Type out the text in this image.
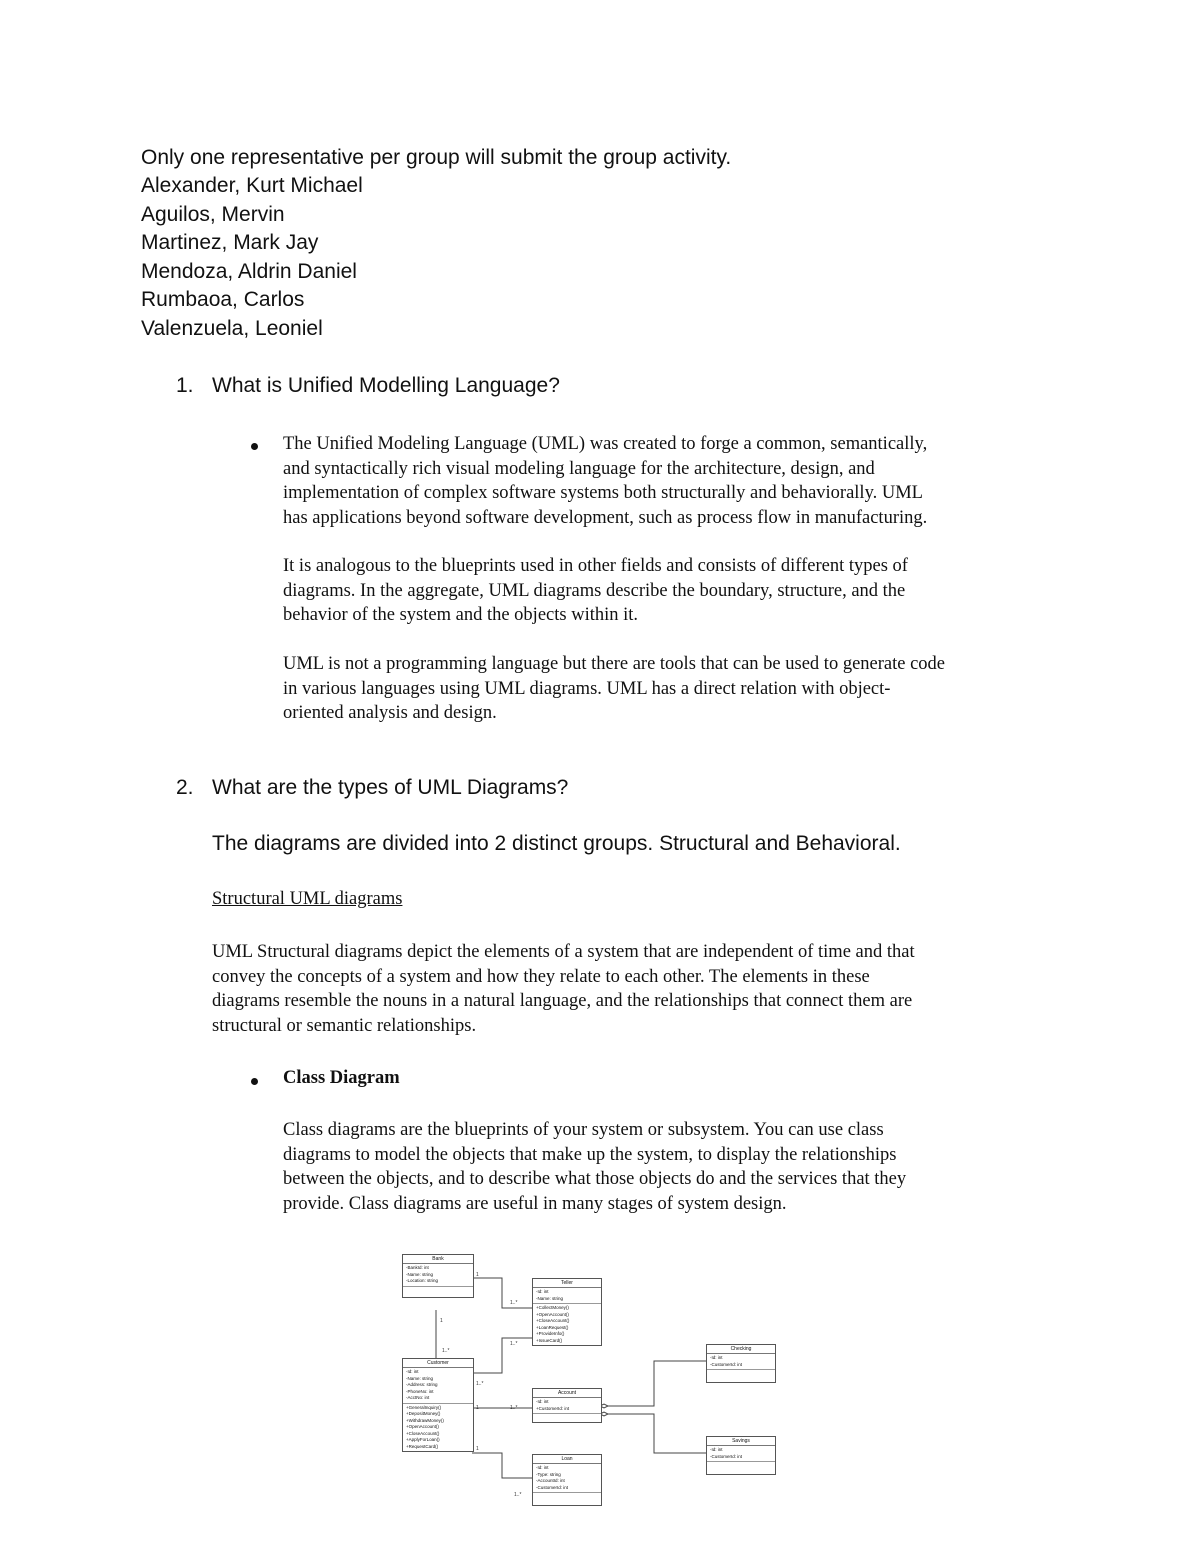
Only one representative per group will submit the group activity.
Alexander, Kurt Michael
Aguilos, Mervin
Martinez, Mark Jay
Mendoza, Aldrin Daniel
Rumbaoa, Carlos
Valenzuela, Leoniel
1. What is Unified Modelling Language?
The Unified Modeling Language (UML) was created to forge a common, semantically,
and syntactically rich visual modeling language for the architecture, design, and
implementation of complex software systems both structurally and behaviorally. UML
has applications beyond software development, such as process flow in manufacturing.
It is analogous to the blueprints used in other fields and consists of different types of
diagrams. In the aggregate, UML diagrams describe the boundary, structure, and the
behavior of the system and the objects within it.
UML is not a programming language but there are tools that can be used to generate code
in various languages using UML diagrams. UML has a direct relation with object-
oriented analysis and design.
2. What are the types of UML Diagrams?
The diagrams are divided into 2 distinct groups. Structural and Behavioral.
Structural UML diagrams
UML Structural diagrams depict the elements of a system that are independent of time and that
convey the concepts of a system and how they relate to each other. The elements in these
diagrams resemble the nouns in a natural language, and the relationships that connect them are
structural or semantic relationships.
Class Diagram
Class diagrams are the blueprints of your system or subsystem. You can use class
diagrams to model the objects that make up the system, to display the relationships
between the objects, and to describe what those objects do and the services that they
provide. Class diagrams are useful in many stages of system design.
Bank
-BankId: int
-Name: string
-Location: string	Teller
-Id: int
-Name: string
+CollectMoney()
+OpenAccount()
+CloseAccount()
+LoanRequest()
+ProvideInfo()
+IssueCard()
Customer
-Id: int
-Name: string
-Address: string
-PhoneNo: int
-AcctNo: int
+GeneralInquiry()
+DepositMoney()
+WithdrawMoney()
+OpenAccount()
+CloseAccount()
+ApplyForLoan()
+RequestCard()
Account
-Id: int
+CustomerId: int
Loan
-Id: int
-Type: string
-AccountId: int
-CustomerId: int
Checking
-Id: int
-CustomerId: int
Savings
-Id: int
-CustomerId: int
1
1..*
1
1..*
1..*
1..*
1	1..*
1
1..*
